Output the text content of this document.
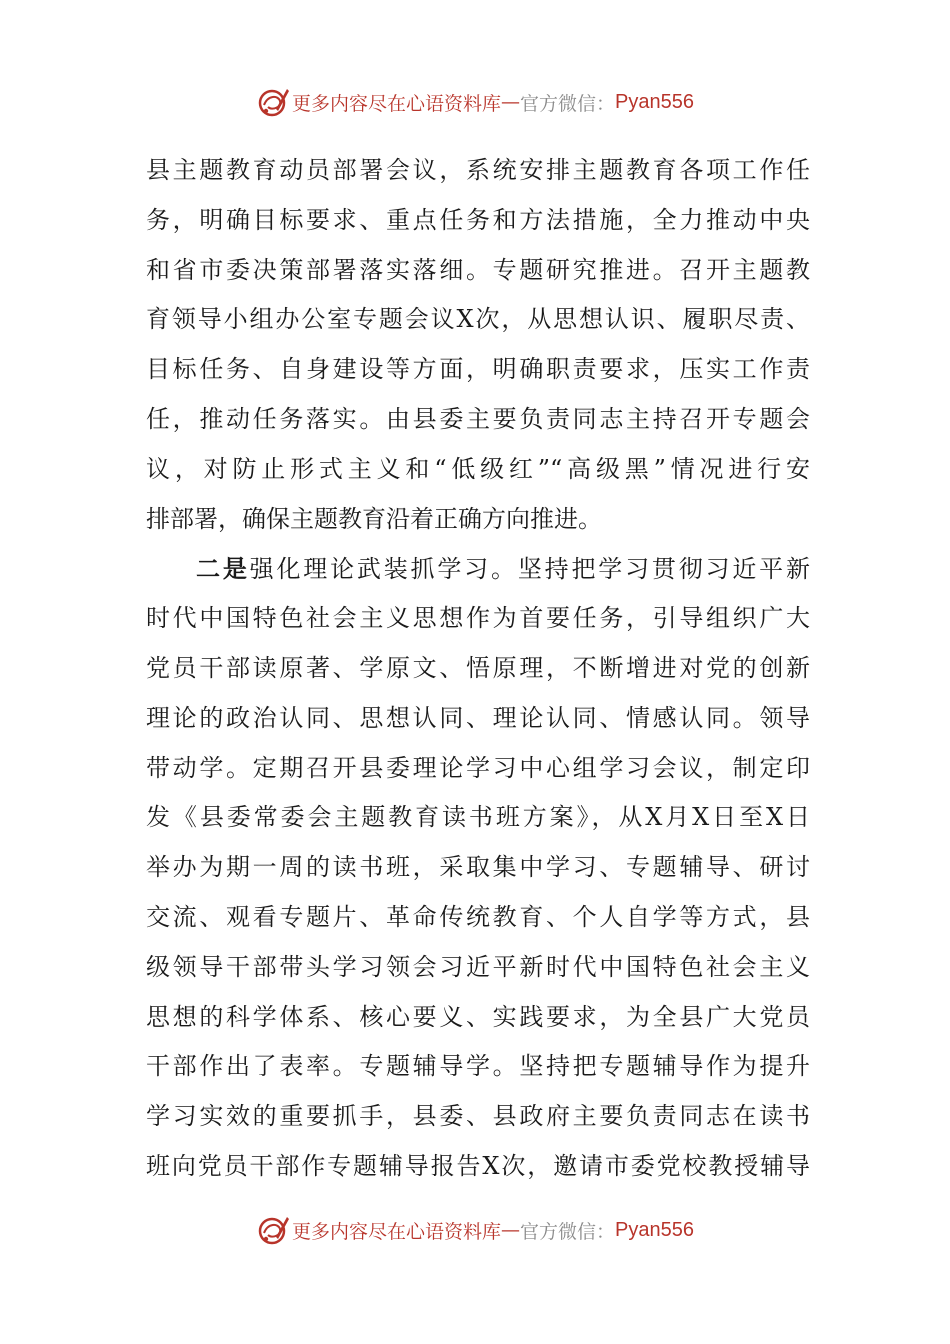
更多内容尽在心语资料库 — 官方微信： Pyan556
县主题教育动员部署会议，系统安排主题教育各项工作任
务，明确目标要求、重点任务和方法措施，全力推动中央
和省市委决策部署落实落细。专题研究推进。召开主题教
育领导小组办公室专题会议X次，从思想认识、履职尽责、
目标任务、自身建设等方面，明确职责要求，压实工作责
任，推动任务落实。由县委主要负责同志主持召开专题会
议，对防止形式主义和“低级红”“高级黑”情况进行安
排部署，确保主题教育沿着正确方向推进。
二是强化理论武装抓学习。坚持把学习贯彻习近平新
时代中国特色社会主义思想作为首要任务，引导组织广大
党员干部读原著、学原文、悟原理，不断增进对党的创新
理论的政治认同、思想认同、理论认同、情感认同。领导
带动学。定期召开县委理论学习中心组学习会议，制定印
发《县委常委会主题教育读书班方案》，从X月X日至X日
举办为期一周的读书班，采取集中学习、专题辅导、研讨
交流、观看专题片、革命传统教育、个人自学等方式，县
级领导干部带头学习领会习近平新时代中国特色社会主义
思想的科学体系、核心要义、实践要求，为全县广大党员
干部作出了表率。专题辅导学。坚持把专题辅导作为提升
学习实效的重要抓手，县委、县政府主要负责同志在读书
班向党员干部作专题辅导报告X次，邀请市委党校教授辅导
更多内容尽在心语资料库 — 官方微信： Pyan556
